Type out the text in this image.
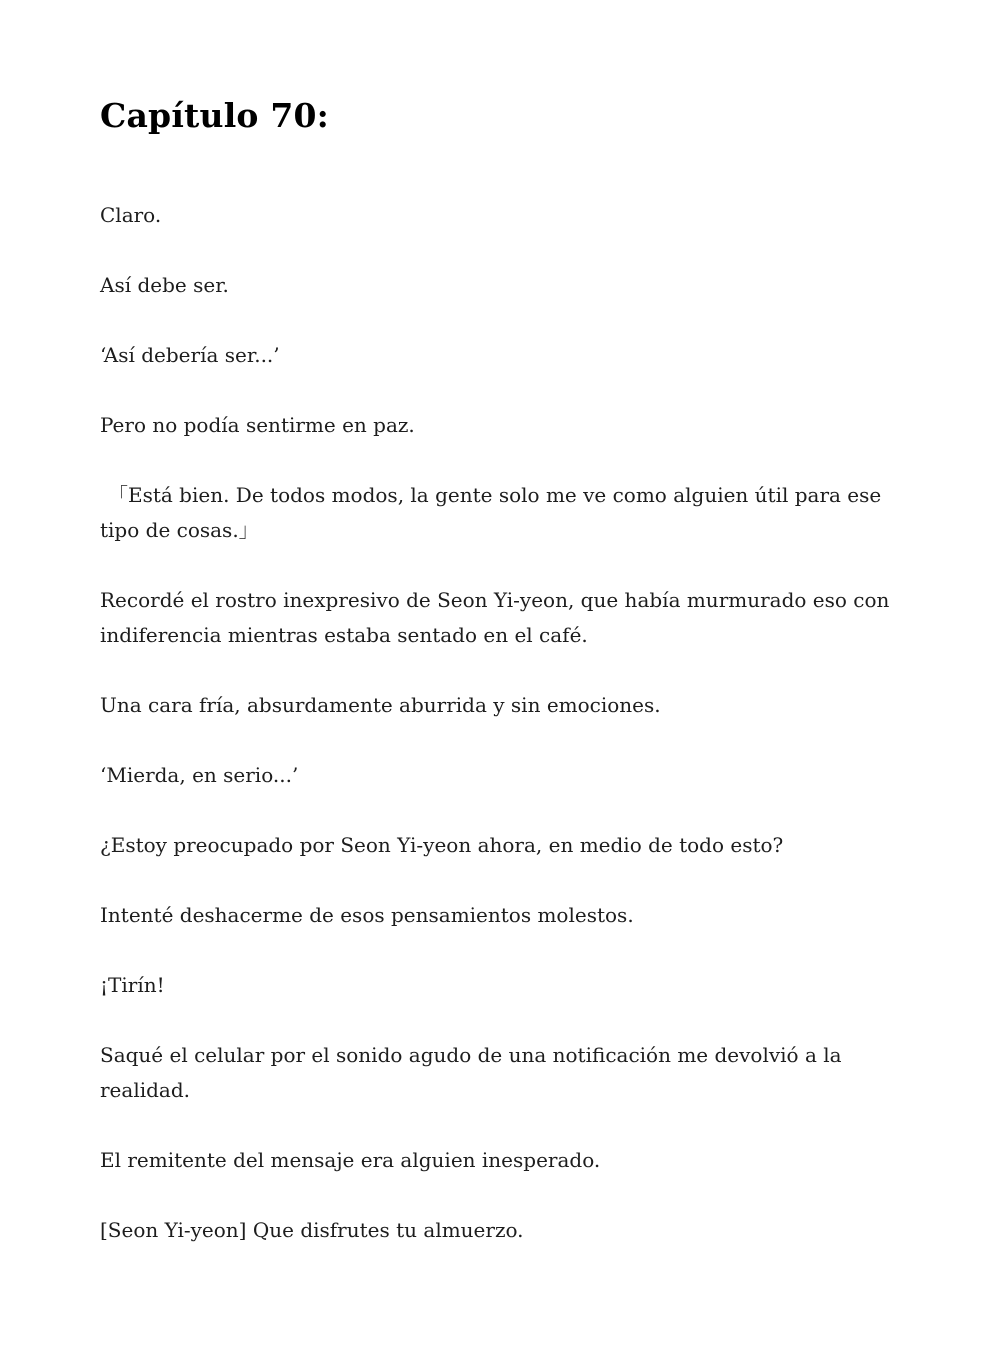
Capítulo 70:

Claro.

Así debe ser.

‘Así debería ser...’

Pero no podía sentirme en paz.

「Está bien. De todos modos, la gente solo me ve como alguien útil para ese tipo de cosas.」

Recordé el rostro inexpresivo de Seon Yi-yeon, que había murmurado eso con indiferencia mientras estaba sentado en el café.

Una cara fría, absurdamente aburrida y sin emociones.

‘Mierda, en serio...’

¿Estoy preocupado por Seon Yi-yeon ahora, en medio de todo esto?

Intenté deshacerme de esos pensamientos molestos.

¡Tirín!

Saqué el celular por el sonido agudo de una notificación me devolvió a la realidad.

El remitente del mensaje era alguien inesperado.

[Seon Yi-yeon] Que disfrutes tu almuerzo.
